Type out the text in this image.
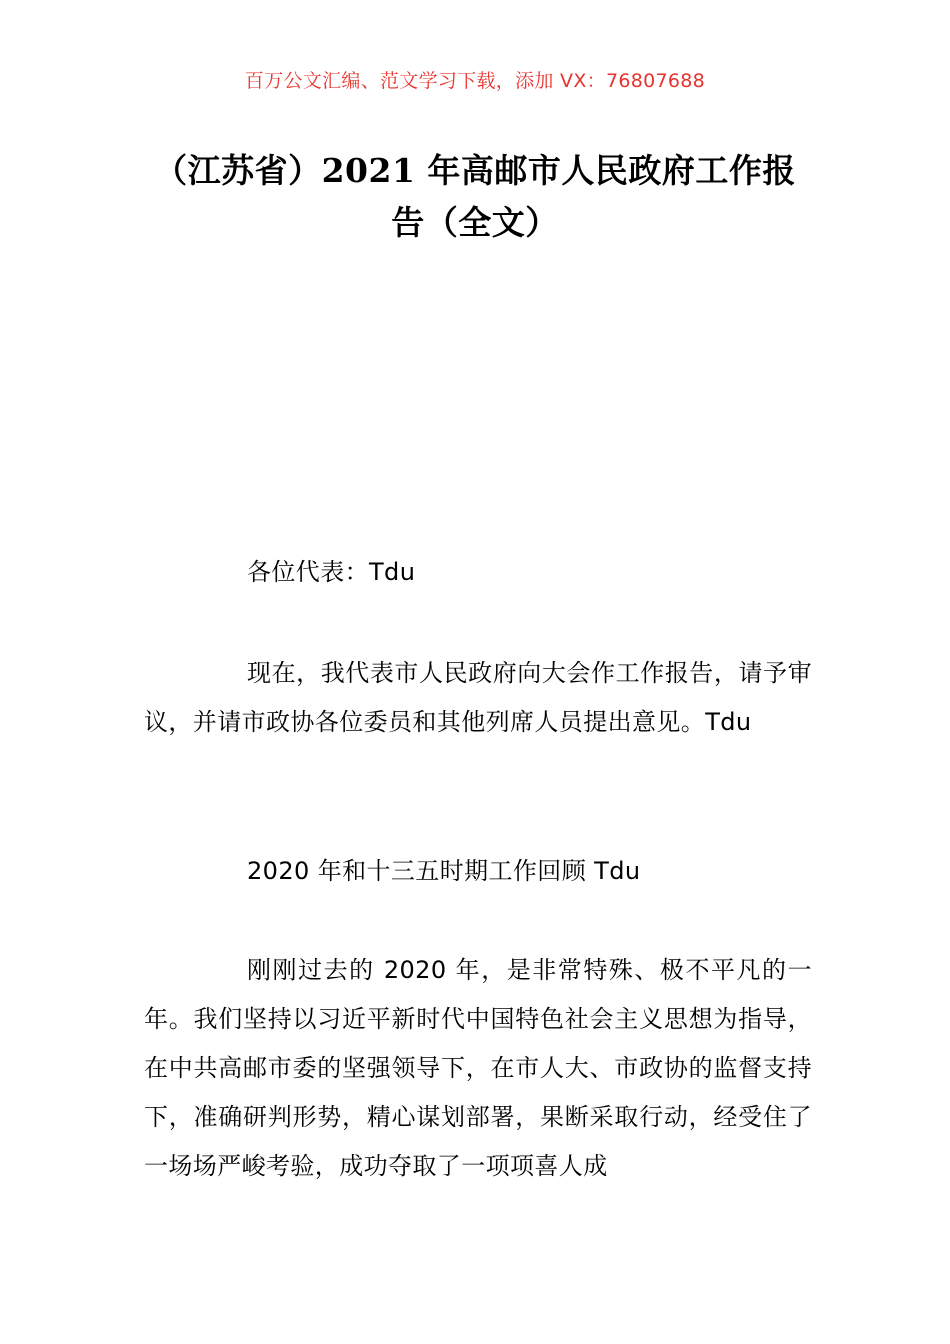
百万公文汇编、范文学习下载，添加 VX：76807688
（江苏省）2021 年高邮市人民政府工作报
告（全文）

各位代表：Tdu

现在，我代表市人民政府向大会作工作报告，请予审议，并请市政协各位委员和其他列席人员提出意见。Tdu

2020 年和十三五时期工作回顾 Tdu

刚刚过去的 2020 年，是非常特殊、极不平凡的一年。我们坚持以习近平新时代中国特色社会主义思想为指导，在中共高邮市委的坚强领导下，在市人大、市政协的监督支持下，准确研判形势，精心谋划部署，果断采取行动，经受住了一场场严峻考验，成功夺取了一项项喜人成
